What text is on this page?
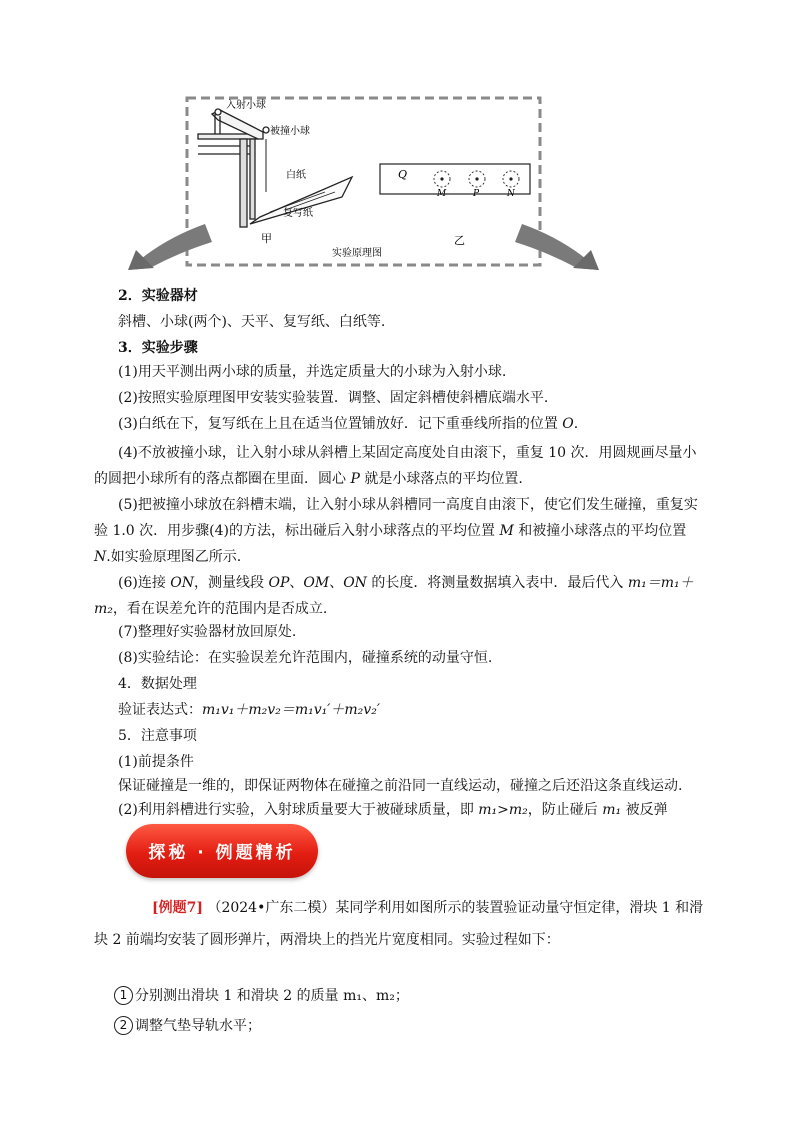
入射小球
被撞小球
白纸
复写纸
甲
实验原理图
Q
M	P	N
乙
2．实验器材
斜槽、小球(两个)、天平、复写纸、白纸等.
3．实验步骤
(1)用天平测出两小球的质量，并选定质量大的小球为入射小球.
(2)按照实验原理图甲安装实验装置．调整、固定斜槽使斜槽底端水平.
(3)白纸在下，复写纸在上且在适当位置铺放好．记下重垂线所指的位置 O.
(4)不放被撞小球，让入射小球从斜槽上某固定高度处自由滚下，重复 10 次．用圆规画尽量小的圆把小球所有的落点都圈在里面．圆心 P 就是小球落点的平均位置.
(5)把被撞小球放在斜槽末端，让入射小球从斜槽同一高度自由滚下，使它们发生碰撞，重复实验 1.0 次．用步骤(4)的方法，标出碰后入射小球落点的平均位置 M 和被撞小球落点的平均位置 N.如实验原理图乙所示.
(6)连接 ON，测量线段 OP、OM、ON 的长度．将测量数据填入表中．最后代入 m₁＝m₁＋m₂，看在误差允许的范围内是否成立.
(7)整理好实验器材放回原处.
(8)实验结论：在实验误差允许范围内，碰撞系统的动量守恒.
4．数据处理
验证表达式：m₁v₁＋m₂v₂＝m₁v₁′＋m₂v₂′
5．注意事项
(1)前提条件
保证碰撞是一维的，即保证两物体在碰撞之前沿同一直线运动，碰撞之后还沿这条直线运动.
(2)利用斜槽进行实验，入射球质量要大于被碰球质量，即 m₁>m₂，防止碰后 m₁ 被反弹
探秘 · 例题精析
[例题7] （2024•广东二模）某同学利用如图所示的装置验证动量守恒定律，滑块 1 和滑块 2 前端均安装了圆形弹片，两滑块上的挡光片宽度相同。实验过程如下：
1 分别测出滑块 1 和滑块 2 的质量 m₁、m₂；
2 调整气垫导轨水平；
